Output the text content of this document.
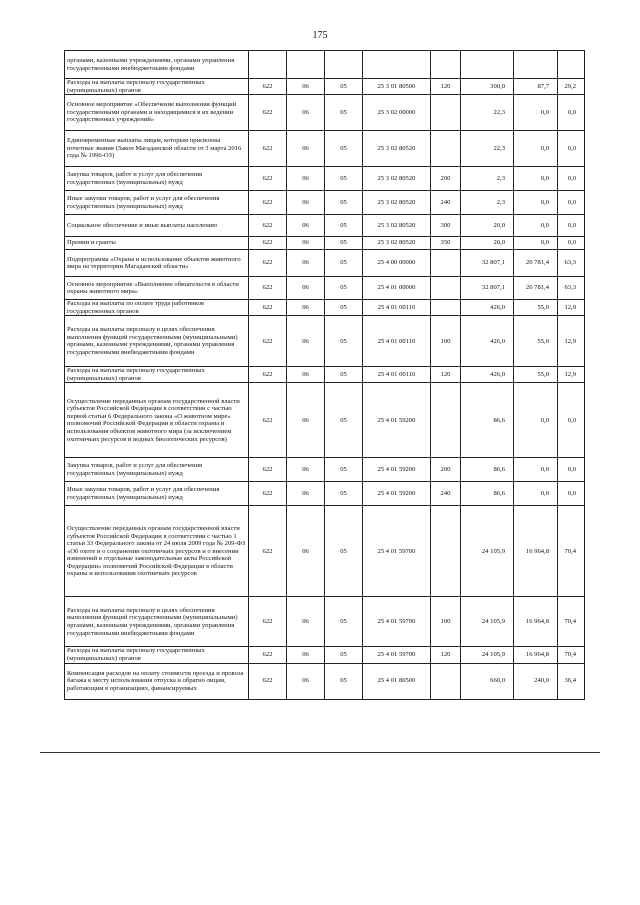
175
органами, казенными учреждениями, органами управления государственными внебюджетными фондами								
Расходы на выплаты персоналу государственных (муниципальных) органов	622	06	05	25 3 01 80500	120	300,0	87,7	29,2
Основное мероприятие «Обеспечение выполнения функций государственными органами и находящимися в их ведении государственных учреждений»	622	06	05	25 3 02 00000		22,3	0,0	0,0
Единовременные выплаты лицам, которым присвоены почетные звания (Закон Магаданской области от 3 марта 2016 года № 1996-ОЗ)	622	06	05	25 3 02 80520		22,3	0,0	0,0
Закупка товаров, работ и услуг для обеспечения государственных (муниципальных) нужд	622	06	05	25 3 02 80520	200	2,3	0,0	0,0
Иные закупки товаров, работ и услуг для обеспечения государственных (муниципальных) нужд	622	06	05	25 3 02 80520	240	2,3	0,0	0,0
Социальное обеспечение и иные выплаты населению	622	06	05	25 3 02 80520	300	20,0	0,0	0,0
Премии и гранты	622	06	05	25 3 02 80520	350	20,0	0,0	0,0
Подпрограмма «Охрана и использование объектов животного мира на территории Магаданской области»	622	06	05	25 4 00 00000		32 807,1	20 781,4	63,3
Основное мероприятие «Выполнение обязательств в области охраны животного мира»	622	06	05	25 4 01 00000		32 807,1	20 781,4	63,3
Расходы на выплаты по оплате труда работников государственных органов	622	06	05	25 4 01 00110		426,0	55,0	12,9
Расходы на выплаты персоналу в целях обеспечения выполнения функций государственными (муниципальными) органами, казенными учреждениями, органами управления государственными внебюджетными фондами	622	06	05	25 4 01 00110	100	426,0	55,0	12,9
Расходы на выплаты персоналу государственных (муниципальных) органов	622	06	05	25 4 01 00110	120	426,0	55,0	12,9
Осуществление переданных органам государственной власти субъектов Российской Федерации в соответствии с частью первой статьи 6 Федерального закона «О животном мире» полномочий Российской Федерации в области охраны и использования объектов животного мира (за исключением охотничьих ресурсов и водных биологических ресурсов)	622	06	05	25 4 01 59200		86,6	0,0	0,0
Закупка товаров, работ и услуг для обеспечения государственных (муниципальных) нужд	622	06	05	25 4 01 59200	200	86,6	0,0	0,0
Иные закупки товаров, работ и услуг для обеспечения государственных (муниципальных) нужд	622	06	05	25 4 01 59200	240	86,6	0,0	0,0
Осуществление переданных органам государственной власти субъектов Российской Федерации в соответствии с частью 1 статьи 33 Федерального закона от 24 июля 2009 года № 209-ФЗ «Об охоте и о сохранении охотничьих ресурсов и о внесении изменений в отдельные законодательные акты Российской Федерации» полномочий Российской Федерации в области охраны и использования охотничьих ресурсов	622	06	05	25 4 01 59700		24 105,9	16 964,8	70,4
Расходы на выплаты персоналу в целях обеспечения выполнения функций государственными (муниципальными) органами, казенными учреждениями, органами управления государственными внебюджетными фондами	622	06	05	25 4 01 59700	100	24 105,9	16 964,8	70,4
Расходы на выплаты персоналу государственных (муниципальных) органов	622	06	05	25 4 01 59700	120	24 105,9	16 964,8	70,4
Компенсация расходов на оплату стоимости проезда и провоза багажа к месту использования отпуска и обратно лицам, работающим в организациях, финансируемых	622	06	05	25 4 01 80500		660,0	240,0	36,4
